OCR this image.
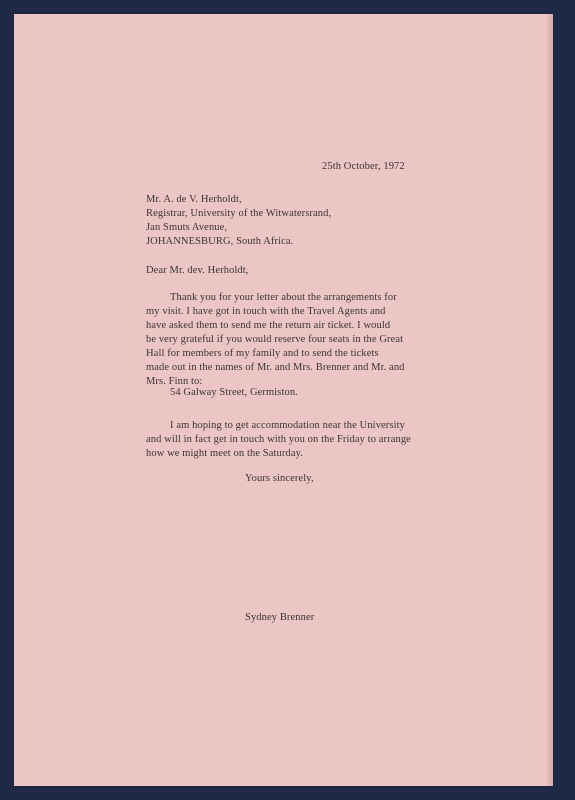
25th October, 1972
Mr. A. de V. Herholdt,
Registrar, University of the Witwatersrand,
Jan Smuts Avenue,
JOHANNESBURG, South Africa.
Dear Mr. dev. Herholdt,
Thank you for your letter about the arrangements for
my visit. I have got in touch with the Travel Agents and
have asked them to send me the return air ticket. I would
be very grateful if you would reserve four seats in the Great
Hall for members of my family and to send the tickets
made out in the names of Mr. and Mrs. Brenner and Mr. and
Mrs. Finn to:
54 Galway Street, Germiston.
I am hoping to get accommodation near the University
and will in fact get in touch with you on the Friday to arrange
how we might meet on the Saturday.
Yours sincerely,
Sydney Brenner
